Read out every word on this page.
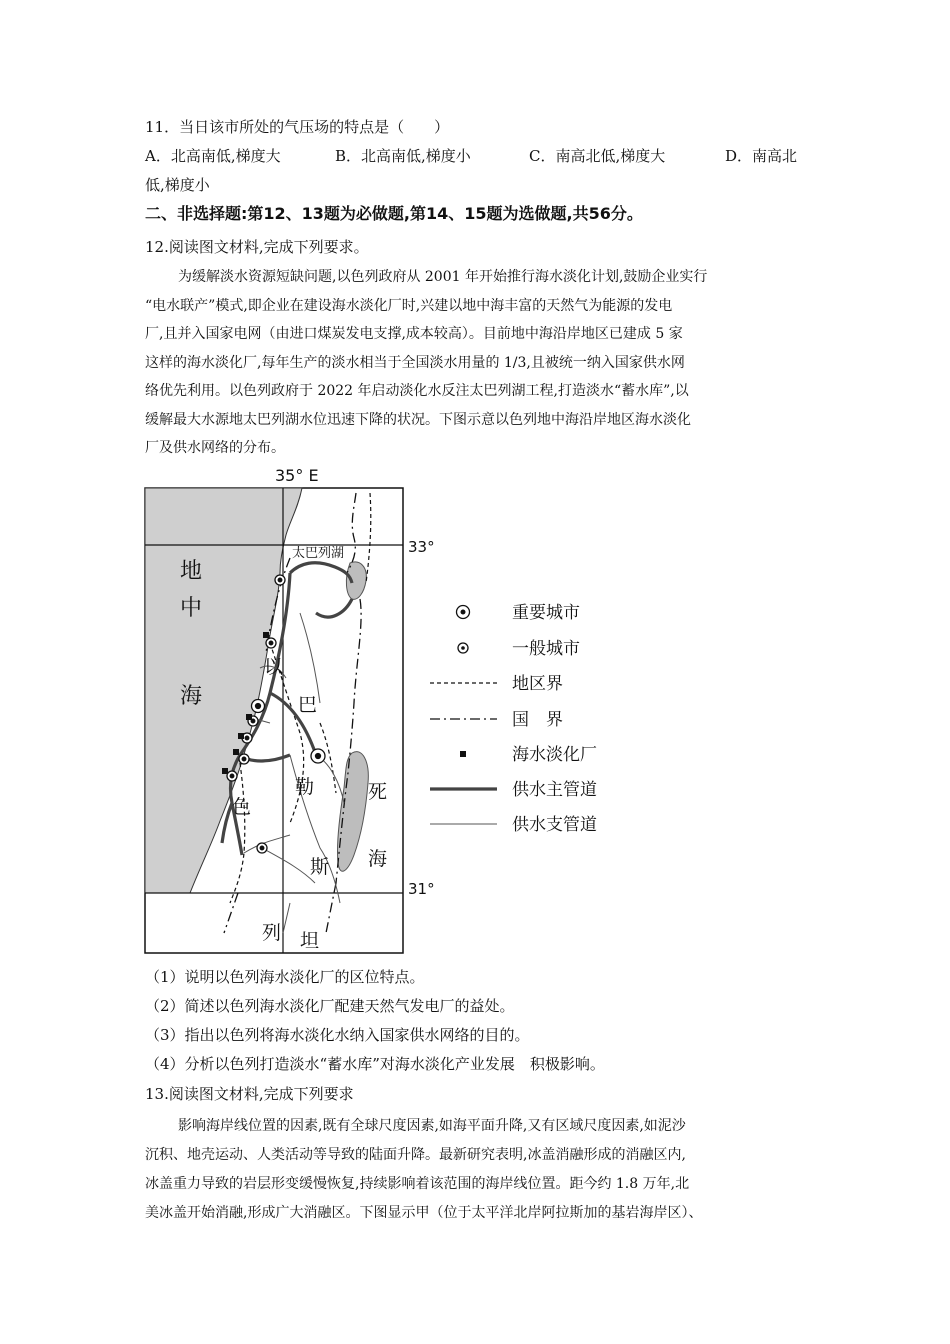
11．当日该市所处的气压场的特点是（　　）
A．北高南低,梯度大	B．北高南低,梯度小	C．南高北低,梯度大	D．南高北
低,梯度小
二、非选择题:第12、13题为必做题,第14、15题为选做题,共56分。
12.阅读图文材料,完成下列要求。
为缓解淡水资源短缺问题,以色列政府从 2001 年开始推行海水淡化计划,鼓励企业实行
“电水联产”模式,即企业在建设海水淡化厂时,兴建以地中海丰富的天然气为能源的发电
厂,且并入国家电网（由进口煤炭发电支撑,成本较高）。目前地中海沿岸地区已建成 5 家
这样的海水淡化厂,每年生产的淡水相当于全国淡水用量的 1/3,且被统一纳入国家供水网
络优先利用。以色列政府于 2022 年启动淡化水反注太巴列湖工程,打造淡水“蓄水库”,以
缓解最大水源地太巴列湖水位迅速下降的状况。下图示意以色列地中海沿岸地区海水淡化
厂及供水网络的分布。
35° E
33°
31°
地
中
海
太巴列湖
死
海
以
色
列
巴
勒
斯
坦
重要城市
一般城市
地区界
国　界
海水淡化厂
供水主管道
供水支管道
（1）说明以色列海水淡化厂的区位特点。
（2）简述以色列海水淡化厂配建天然气发电厂的益处。
（3）指出以色列将海水淡化水纳入国家供水网络的目的。
（4）分析以色列打造淡水“蓄水库”对海水淡化产业发展　积极影响。
13.阅读图文材料,完成下列要求
影响海岸线位置的因素,既有全球尺度因素,如海平面升降,又有区域尺度因素,如泥沙
沉积、地壳运动、人类活动等导致的陆面升降。最新研究表明,冰盖消融形成的消融区内,
冰盖重力导致的岩层形变缓慢恢复,持续影响着该范围的海岸线位置。距今约 1.8 万年,北
美冰盖开始消融,形成广大消融区。下图显示甲（位于太平洋北岸阿拉斯加的基岩海岸区）、
